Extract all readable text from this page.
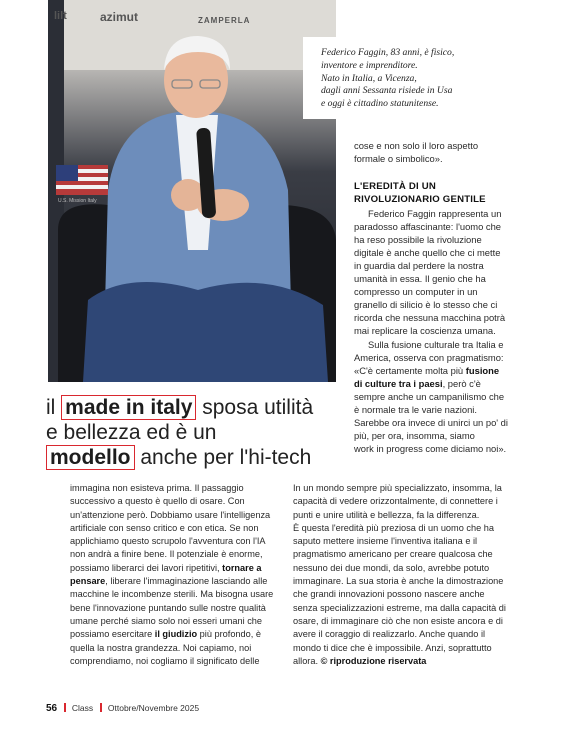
lilt	azimut	ZAMPERLA
U.S. Mission Italy
Federico Faggin, 83 anni, è fisico,
inventore e imprenditore.
Nato in Italia, a Vicenza,
dagli anni Sessanta risiede in Usa
e oggi è cittadino statunitense.
cose e non solo il loro aspetto
formale o simbolico».
L'EREDITÀ DI UN
RIVOLUZIONARIO GENTILE
Federico Faggin rappresenta un
paradosso affascinante: l'uomo che
ha reso possibile la rivoluzione
digitale è anche quello che ci mette
in guardia dal perdere la nostra
umanità in essa. Il genio che ha
compresso un computer in un
granello di silicio è lo stesso che ci
ricorda che nessuna macchina potrà
mai replicare la coscienza umana.
Sulla fusione culturale tra Italia e
America, osserva con pragmatismo:
«C'è certamente molta più fusione
di culture tra i paesi, però c'è
sempre anche un campanilismo che
è normale tra le varie nazioni.
Sarebbe ora invece di unirci un po' di
più, per ora, insomma, siamo
work in progress come diciamo noi».
il made in italy sposa utilità
e bellezza ed è un
modello anche per l'hi-tech
immagina non esisteva prima. Il passaggio
successivo a questo è quello di osare. Con
un'attenzione però. Dobbiamo usare l'intelligenza
artificiale con senso critico e con etica. Se non
applichiamo questo scrupolo l'avventura con l'IA
non andrà a finire bene. Il potenziale è enorme,
possiamo liberarci dei lavori ripetitivi, tornare a
pensare, liberare l'immaginazione lasciando alle
macchine le incombenze sterili. Ma bisogna usare
bene l'innovazione puntando sulle nostre qualità
umane perché siamo solo noi esseri umani che
possiamo esercitare il giudizio più profondo, è
quella la nostra grandezza. Noi capiamo, noi
comprendiamo, noi cogliamo il significato delle
In un mondo sempre più specializzato, insomma, la
capacità di vedere orizzontalmente, di connettere i
punti e unire utilità e bellezza, fa la differenza.
È questa l'eredità più preziosa di un uomo che ha
saputo mettere insieme l'inventiva italiana e il
pragmatismo americano per creare qualcosa che
nessuno dei due mondi, da solo, avrebbe potuto
immaginare. La sua storia è anche la dimostrazione
che grandi innovazioni possono nascere anche
senza specializzazioni estreme, ma dalla capacità di
osare, di immaginare ciò che non esiste ancora e di
avere il coraggio di realizzarlo. Anche quando il
mondo ti dice che è impossibile. Anzi, soprattutto
allora. © riproduzione riservata
56 Class Ottobre/Novembre 2025
